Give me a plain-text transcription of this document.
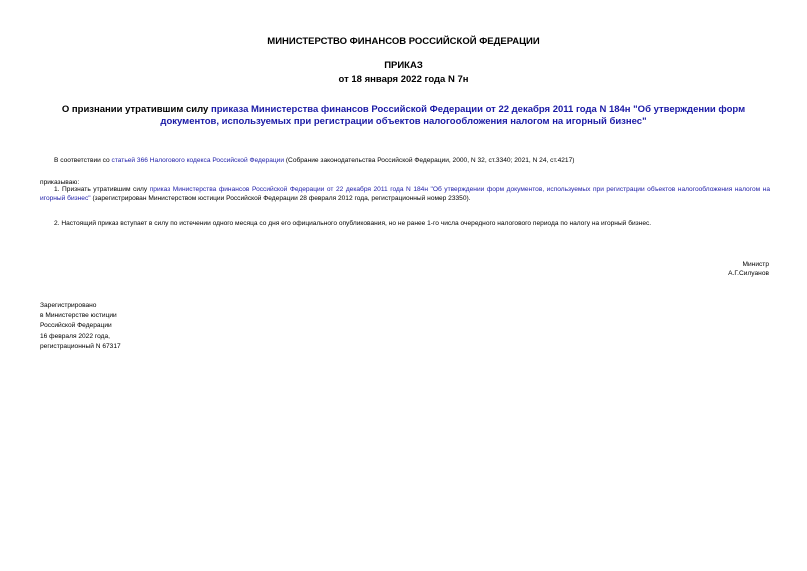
МИНИСТЕРСТВО ФИНАНСОВ РОССИЙСКОЙ ФЕДЕРАЦИИ
ПРИКАЗ
от 18 января 2022 года N 7н
О признании утратившим силу приказа Министерства финансов Российской Федерации от 22 декабря 2011 года N 184н "Об утверждении форм документов, используемых при регистрации объектов налогообложения налогом на игорный бизнес"
В соответствии со статьей 366 Налогового кодекса Российской Федерации (Собрание законодательства Российской Федерации, 2000, N 32, ст.3340; 2021, N 24, ст.4217)
приказываю:
1. Признать утратившим силу приказ Министерства финансов Российской Федерации от 22 декабря 2011 года N 184н "Об утверждении форм документов, используемых при регистрации объектов налогообложения налогом на игорный бизнес" (зарегистрирован Министерством юстиции Российской Федерации 28 февраля 2012 года, регистрационный номер 23350).
2. Настоящий приказ вступает в силу по истечении одного месяца со дня его официального опубликования, но не ранее 1-го числа очередного налогового периода по налогу на игорный бизнес.
Министр
А.Г.Силуанов
Зарегистрировано
в Министерстве юстиции
Российской Федерации
16 февраля 2022 года,
регистрационный N 67317
